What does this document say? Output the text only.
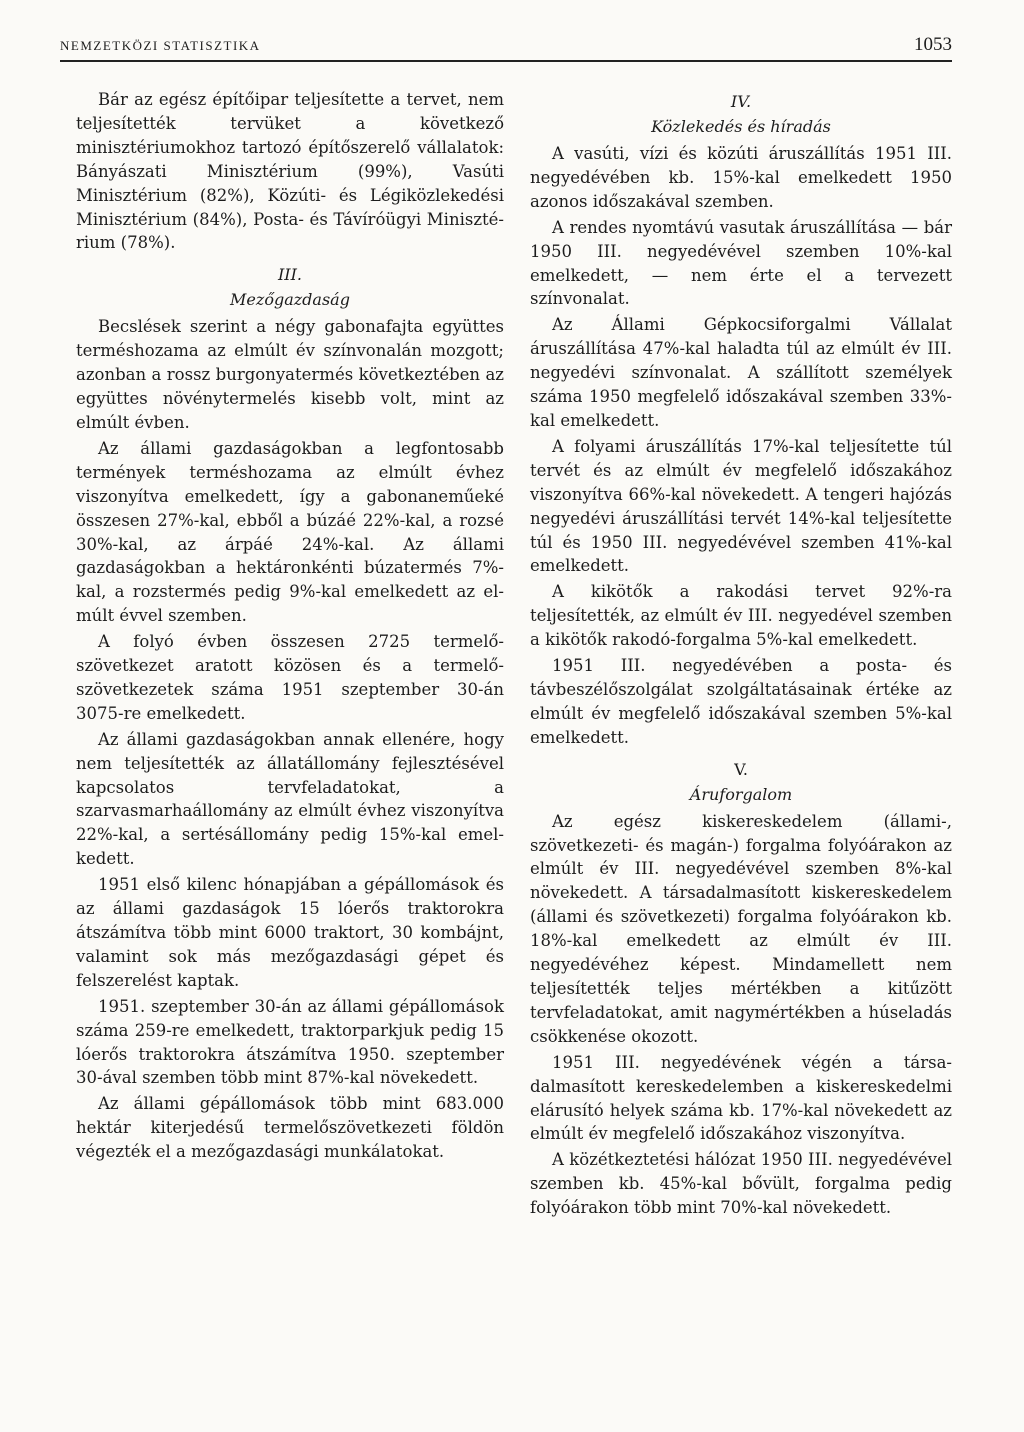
NEMZETKÖZI STATISZTIKA	1053

Bár az egész építőipar teljesítette a tervet, nem teljesítették tervüket a következő minisztériumokhoz tartozó építőszerelő vállalatok: Bányászati Minisztérium (99%), Vasúti Minisztérium (82%), Közúti- és Légiközlekedési Minisztérium (84%), Posta- és Távíróügyi Minisztérium (78%).

III.
Mezőgazdaság

Becslések szerint a négy gabonafajta együttes terméshozama az elmúlt év színvonalán mozgott; azonban a rossz burgonyatermés következtében az együttes növénytermelés kisebb volt, mint az elmúlt évben.

Az állami gazdaságokban a legfontosabb termények terméshozama az elmúlt évhez viszonyítva emelkedett, így a gabonaneműeké összesen 27%-kal, ebből a búzáé 22%-kal, a rozsé 30%-kal, az árpáé 24%-kal. Az állami gazdaságokban a hektáronkénti búzatermés 7%-kal, a rozstermés pedig 9%-kal emelkedett az elmúlt évvel szemben.

A folyó évben összesen 2725 termelőszövetkezet aratott közösen és a termelőszövetkezetek száma 1951 szeptember 30-án 3075-re emelkedett.

Az állami gazdaságokban annak ellenére, hogy nem teljesítették az állatállomány fejlesztésével kapcsolatos tervfeladatokat, a szarvasmarhaállomány az elmúlt évhez viszonyítva 22%-kal, a sertésállomány pedig 15%-kal emelkedett.

1951 első kilenc hónapjában a gépállomások és az állami gazdaságok 15 lóerős traktorokra átszámítva több mint 6000 traktort, 30 kombájnt, valamint sok más mezőgazdasági gépet és felszerelést kaptak.

1951. szeptember 30-án az állami gépállomások száma 259-re emelkedett, traktorparkjuk pedig 15 lóerős traktorokra átszámítva 1950. szeptember 30-ával szemben több mint 87%-kal növekedett.

Az állami gépállomások több mint 683.000 hektár kiterjedésű termelőszövetkezeti földön végezték el a mezőgazdasági munkálatokat.

IV.
Közlekedés és híradás

A vasúti, vízi és közúti áruszállítás 1951 III. negyedévében kb. 15%-kal emelkedett 1950 azonos időszakával szemben.

A rendes nyomtávú vasutak áruszállítása — bár 1950 III. negyedévével szemben 10%-kal emelkedett, — nem érte el a tervezett színvonalat.

Az Állami Gépkocsiforgalmi Vállalat áruszállítása 47%-kal haladta túl az elmúlt év III. negyedévi színvonalat. A szállított személyek száma 1950 megfelelő időszakával szemben 33%-kal emelkedett.

A folyami áruszállítás 17%-kal teljesítette túl tervét és az elmúlt év megfelelő időszakához viszonyítva 66%-kal növekedett. A tengeri hajózás negyedévi áruszállítási tervét 14%-kal teljesítette túl és 1950 III. negyedévével szemben 41%-kal emelkedett.

A kikötők a rakodási tervet 92%-ra teljesítették, az elmúlt év III. negyedével szemben a kikötők rakodó-forgalma 5%-kal emelkedett.

1951 III. negyedévében a posta- és távbeszélőszolgálat szolgáltatásainak értéke az elmúlt év megfelelő időszakával szemben 5%-kal emelkedett.

V.
Áruforgalom

Az egész kiskereskedelem (állami-, szövetkezeti- és magán-) forgalma folyóárakon az elmúlt év III. negyedévével szemben 8%-kal növekedett. A társadalmasított kiskereskedelem (állami és szövetkezeti) forgalma folyóárakon kb. 18%-kal emelkedett az elmúlt év III. negyedévéhez képest. Mindamellett nem teljesítették teljes mértékben a kitűzött tervfeladatokat, amit nagymértékben a húseladás csökkenése okozott.

1951 III. negyedévének végén a társadalmasított kereskedelemben a kiskereskedelmi elárusító helyek száma kb. 17%-kal növekedett az elmúlt év megfelelő időszakához viszonyítva.

A közétkeztetési hálózat 1950 III. negyedévével szemben kb. 45%-kal bővült, forgalma pedig folyóárakon több mint 70%-kal növekedett.
